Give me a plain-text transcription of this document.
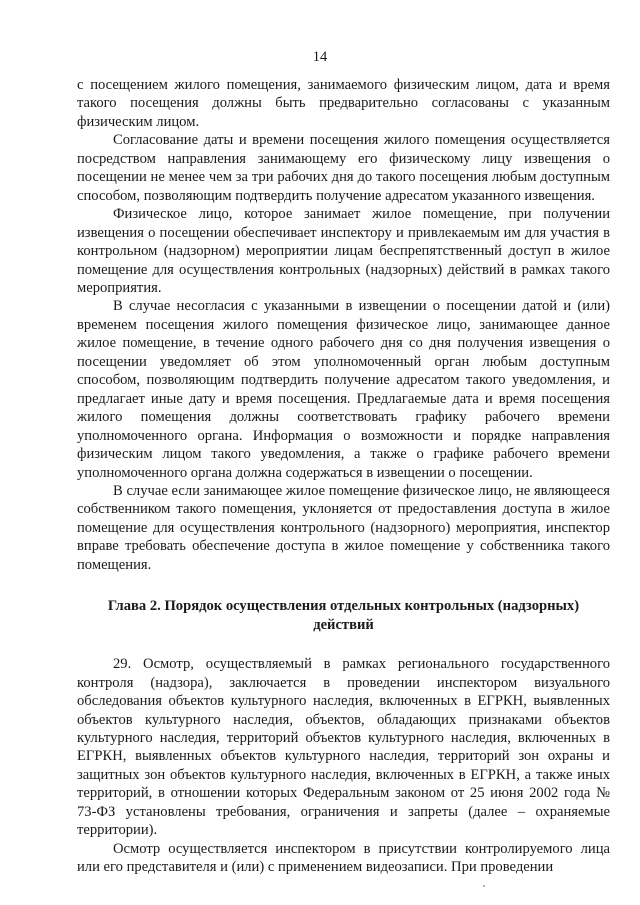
14

с посещением жилого помещения, занимаемого физическим лицом, дата и время такого посещения должны быть предварительно согласованы с указанным физическим лицом.

Согласование даты и времени посещения жилого помещения осуществляется посредством направления занимающему его физическому лицу извещения о посещении не менее чем за три рабочих дня до такого посещения любым доступным способом, позволяющим подтвердить получение адресатом указанного извещения.

Физическое лицо, которое занимает жилое помещение, при получении извещения о посещении обеспечивает инспектору и привлекаемым им для участия в контрольном (надзорном) мероприятии лицам беспрепятственный доступ в жилое помещение для осуществления контрольных (надзорных) действий в рамках такого мероприятия.

В случае несогласия с указанными в извещении о посещении датой и (или) временем посещения жилого помещения физическое лицо, занимающее данное жилое помещение, в течение одного рабочего дня со дня получения извещения о посещении уведомляет об этом уполномоченный орган любым доступным способом, позволяющим подтвердить получение адресатом такого уведомления, и предлагает иные дату и время посещения. Предлагаемые дата и время посещения жилого помещения должны соответствовать графику рабочего времени уполномоченного органа. Информация о возможности и порядке направления физическим лицом такого уведомления, а также о графике рабочего времени уполномоченного органа должна содержаться в извещении о посещении.

В случае если занимающее жилое помещение физическое лицо, не являющееся собственником такого помещения, уклоняется от предоставления доступа в жилое помещение для осуществления контрольного (надзорного) мероприятия, инспектор вправе требовать обеспечение доступа в жилое помещение у собственника такого помещения.

Глава 2. Порядок осуществления отдельных контрольных (надзорных)
действий

29. Осмотр, осуществляемый в рамках регионального государственного контроля (надзора), заключается в проведении инспектором визуального обследования объектов культурного наследия, включенных в ЕГРКН, выявленных объектов культурного наследия, объектов, обладающих признаками объектов культурного наследия, территорий объектов культурного наследия, включенных в ЕГРКН, выявленных объектов культурного наследия, территорий зон охраны и защитных зон объектов культурного наследия, включенных в ЕГРКН, а также иных территорий, в отношении которых Федеральным законом от 25 июня 2002 года № 73-ФЗ установлены требования, ограничения и запреты (далее – охраняемые территории).

Осмотр осуществляется инспектором в присутствии контролируемого лица или его представителя и (или) с применением видеозаписи. При проведении
